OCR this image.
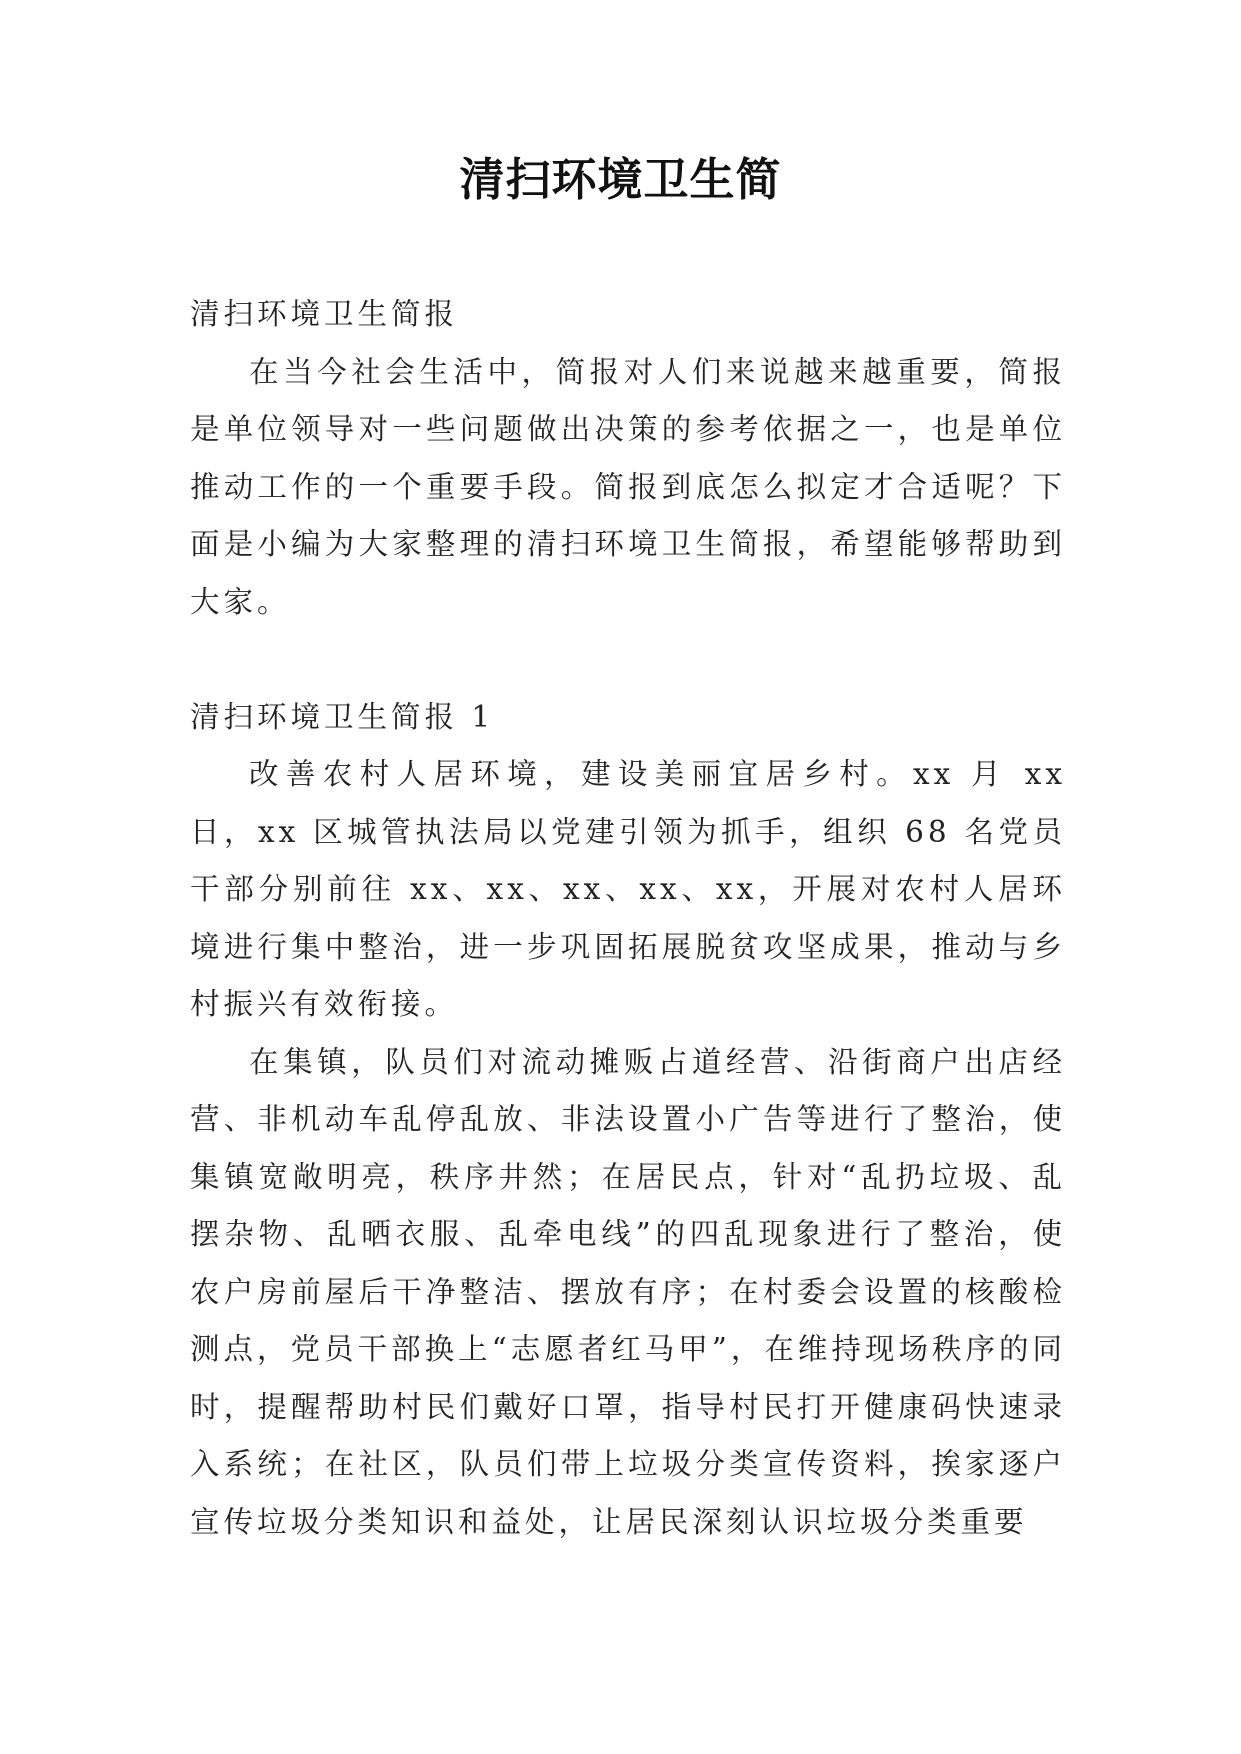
清扫环境卫生简

清扫环境卫生简报

在当今社会生活中，简报对人们来说越来越重要，简报是单位领导对一些问题做出决策的参考依据之一，也是单位推动工作的一个重要手段。简报到底怎么拟定才合适呢？下面是小编为大家整理的清扫环境卫生简报，希望能够帮助到大家。

清扫环境卫生简报 1

改善农村人居环境，建设美丽宜居乡村。xx 月 xx 日，xx 区城管执法局以党建引领为抓手，组织 68 名党员干部分别前往 xx、xx、xx、xx、xx，开展对农村人居环境进行集中整治，进一步巩固拓展脱贫攻坚成果，推动与乡村振兴有效衔接。

在集镇，队员们对流动摊贩占道经营、沿街商户出店经营、非机动车乱停乱放、非法设置小广告等进行了整治，使集镇宽敞明亮，秩序井然；在居民点，针对“乱扔垃圾、乱摆杂物、乱晒衣服、乱牵电线”的四乱现象进行了整治，使农户房前屋后干净整洁、摆放有序；在村委会设置的核酸检测点，党员干部换上“志愿者红马甲”，在维持现场秩序的同时，提醒帮助村民们戴好口罩，指导村民打开健康码快速录入系统；在社区，队员们带上垃圾分类宣传资料，挨家逐户宣传垃圾分类知识和益处，让居民深刻认识垃圾分类重要
